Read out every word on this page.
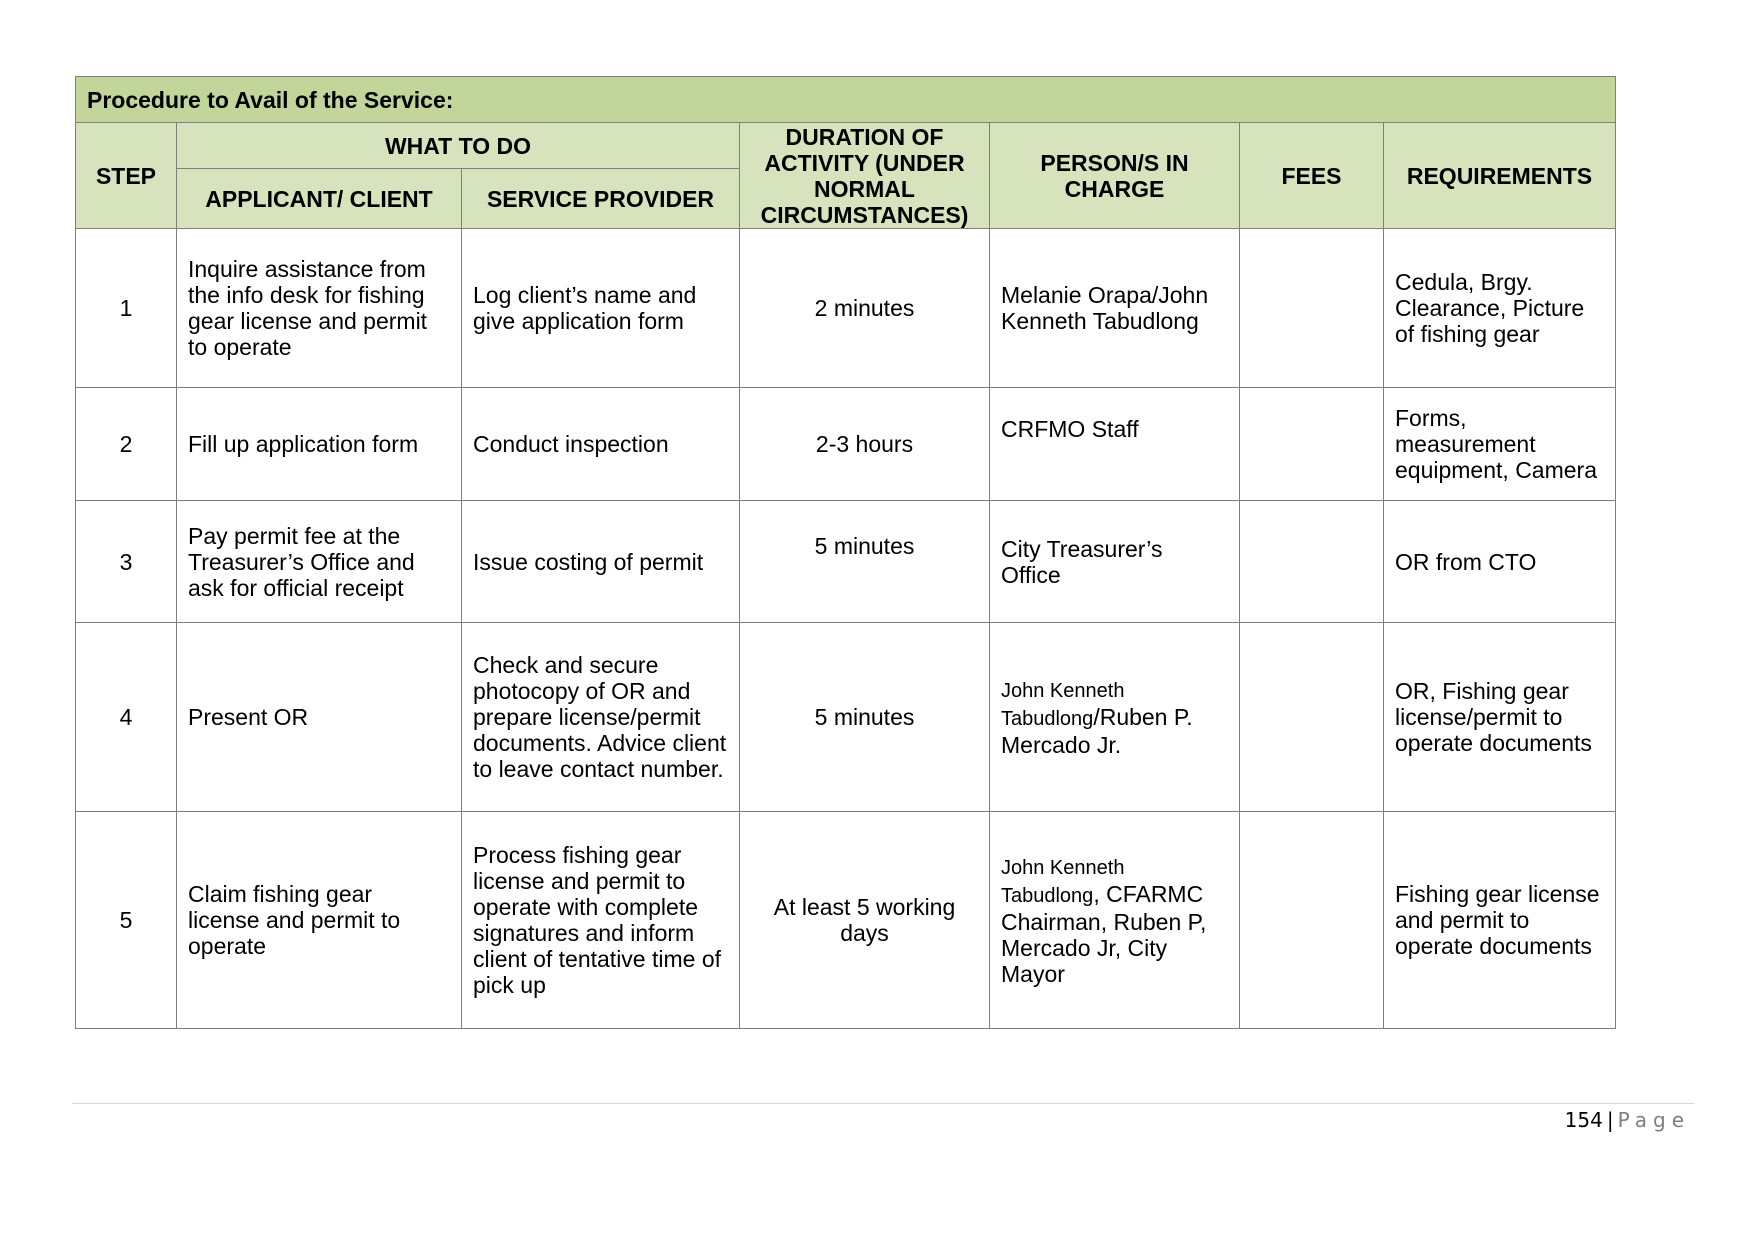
Procedure to Avail of the Service:						
STEP	WHAT TO DO		DURATION OF ACTIVITY (UNDER NORMAL CIRCUMSTANCES)	PERSON/S IN CHARGE	FEES	REQUIREMENTS
	APPLICANT/ CLIENT	SERVICE PROVIDER				
1	Inquire assistance from the info desk for fishing gear license and permit to operate	Log client’s name and give application form	2 minutes	Melanie Orapa/John Kenneth Tabudlong		Cedula, Brgy. Clearance, Picture of fishing gear
2	Fill up application form	Conduct inspection	2-3 hours	CRFMO Staff		Forms, measurement equipment, Camera
3	Pay permit fee at the Treasurer’s Office and ask for official receipt	Issue costing of permit	5 minutes	City Treasurer’s Office		OR from CTO
4	Present OR	Check and secure photocopy of OR and prepare license/permit documents. Advice client to leave contact number.	5 minutes	John Kenneth Tabudlong/Ruben P. Mercado Jr.		OR, Fishing gear license/permit to operate documents
5	Claim fishing gear license and permit to operate	Process fishing gear license and permit to operate with complete signatures and inform client of tentative time of pick up	At least 5 working days	John Kenneth Tabudlong, CFARMC Chairman, Ruben P, Mercado Jr, City Mayor		Fishing gear license and permit to operate documents
154 | Page
